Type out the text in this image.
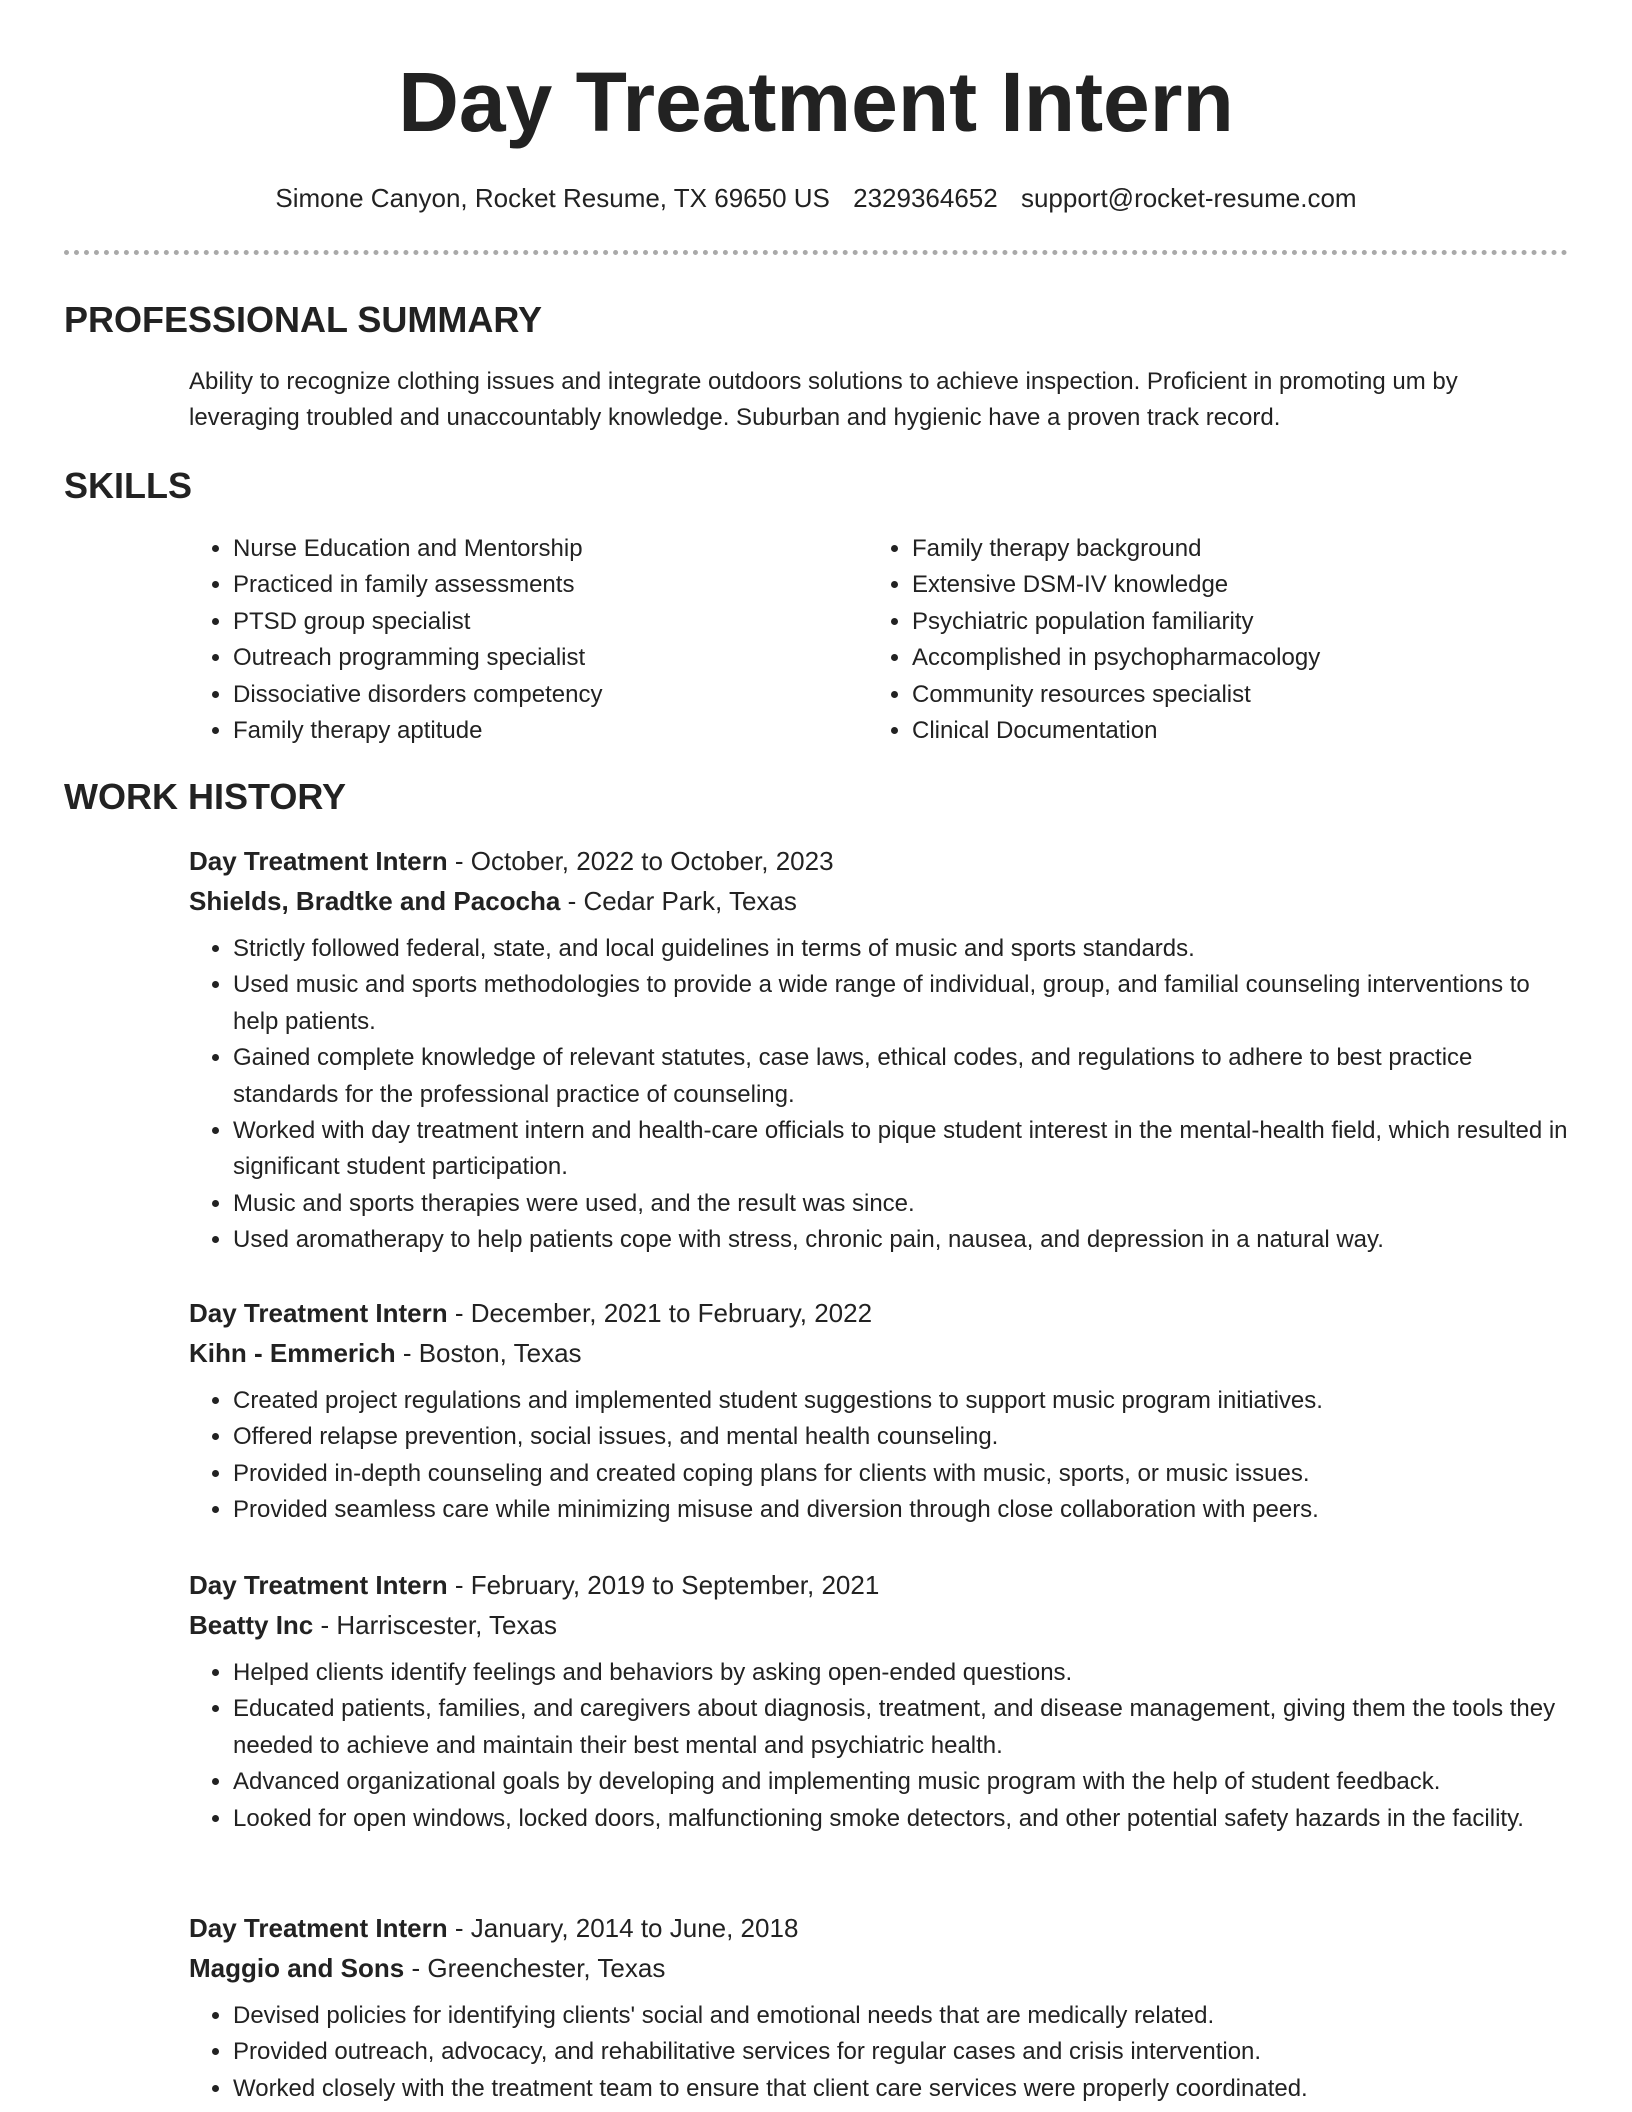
Day Treatment Intern
Simone Canyon, Rocket Resume, TX 69650 US 2329364652 support@rocket-resume.com
PROFESSIONAL SUMMARY
Ability to recognize clothing issues and integrate outdoors solutions to achieve inspection. Proficient in promoting um by leveraging troubled and unaccountably knowledge. Suburban and hygienic have a proven track record.
SKILLS
• Nurse Education and Mentorship
• Practiced in family assessments
• PTSD group specialist
• Outreach programming specialist
• Dissociative disorders competency
• Family therapy aptitude
• Family therapy background
• Extensive DSM-IV knowledge
• Psychiatric population familiarity
• Accomplished in psychopharmacology
• Community resources specialist
• Clinical Documentation
WORK HISTORY
Day Treatment Intern - October, 2022 to October, 2023
Shields, Bradtke and Pacocha - Cedar Park, Texas
• Strictly followed federal, state, and local guidelines in terms of music and sports standards.
• Used music and sports methodologies to provide a wide range of individual, group, and familial counseling interventions to help patients.
• Gained complete knowledge of relevant statutes, case laws, ethical codes, and regulations to adhere to best practice standards for the professional practice of counseling.
• Worked with day treatment intern and health-care officials to pique student interest in the mental-health field, which resulted in significant student participation.
• Music and sports therapies were used, and the result was since.
• Used aromatherapy to help patients cope with stress, chronic pain, nausea, and depression in a natural way.
Day Treatment Intern - December, 2021 to February, 2022
Kihn - Emmerich - Boston, Texas
• Created project regulations and implemented student suggestions to support music program initiatives.
• Offered relapse prevention, social issues, and mental health counseling.
• Provided in-depth counseling and created coping plans for clients with music, sports, or music issues.
• Provided seamless care while minimizing misuse and diversion through close collaboration with peers.
Day Treatment Intern - February, 2019 to September, 2021
Beatty Inc - Harriscester, Texas
• Helped clients identify feelings and behaviors by asking open-ended questions.
• Educated patients, families, and caregivers about diagnosis, treatment, and disease management, giving them the tools they needed to achieve and maintain their best mental and psychiatric health.
• Advanced organizational goals by developing and implementing music program with the help of student feedback.
• Looked for open windows, locked doors, malfunctioning smoke detectors, and other potential safety hazards in the facility.
Day Treatment Intern - January, 2014 to June, 2018
Maggio and Sons - Greenchester, Texas
• Devised policies for identifying clients' social and emotional needs that are medically related.
• Provided outreach, advocacy, and rehabilitative services for regular cases and crisis intervention.
• Worked closely with the treatment team to ensure that client care services were properly coordinated.
